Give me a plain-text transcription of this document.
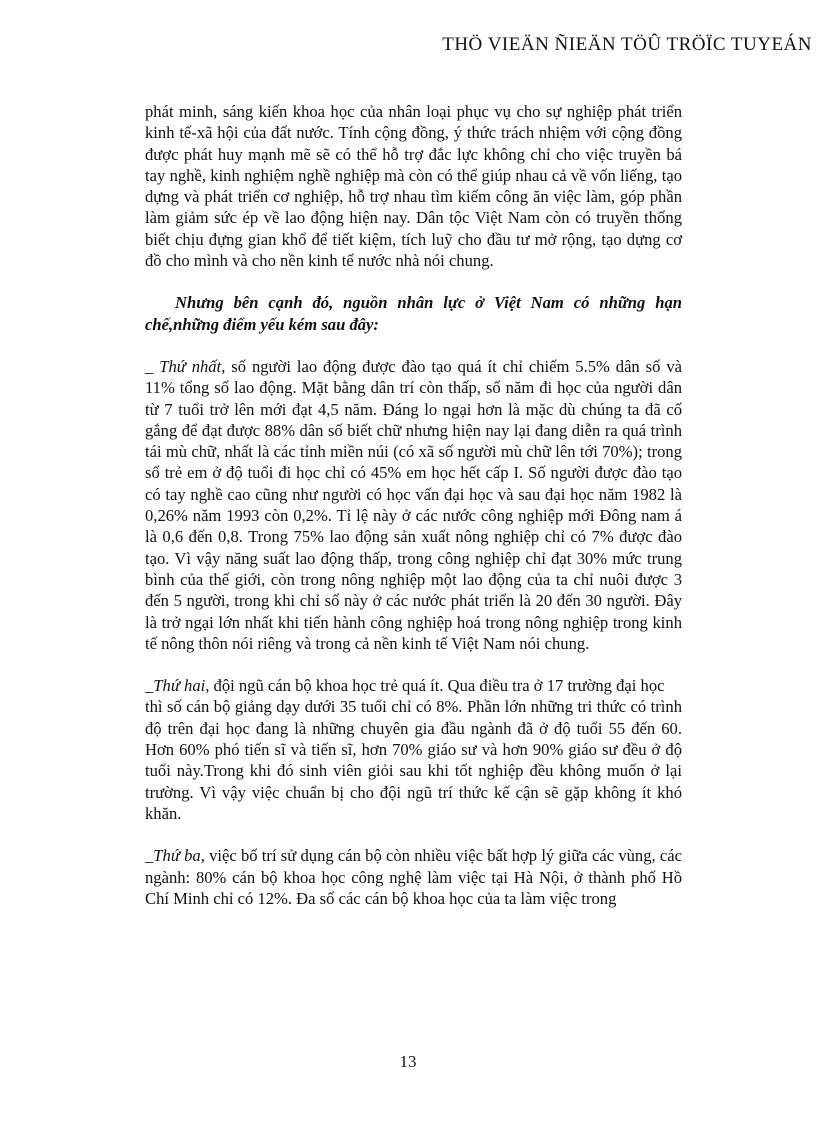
THÖ VIEÄN ÑIEÄN TÖÛ TRÖÏC TUYEÁN

phát minh, sáng kiến khoa học của nhân loại phục vụ cho sự nghiệp phát triển kinh tế-xã hội của đất nước. Tính cộng đồng, ý thức trách nhiệm với cộng đồng được phát huy mạnh mẽ sẽ có thể hỗ trợ đắc lực không chỉ cho việc truyền bá tay nghề, kinh nghiệm nghề nghiệp mà còn có thể giúp nhau cả về vốn liếng, tạo dựng và phát triển cơ nghiệp, hỗ trợ nhau tìm kiếm công ăn việc làm, góp phần làm giảm sức ép về lao động hiện nay. Dân tộc Việt Nam còn có truyền thống biết chịu đựng gian khổ để tiết kiệm, tích luỹ cho đầu tư mở rộng, tạo dựng cơ đồ cho mình và cho nền kinh tế nước nhà nói chung.

Nhưng bên cạnh đó, nguồn nhân lực ở Việt Nam có những hạn chế,những điểm yếu kém sau đây:

_ Thứ nhất, số người lao động được đào tạo quá ít chỉ chiếm 5.5% dân số và 11% tổng số lao động. Mặt bằng dân trí còn thấp, số năm đi học của người dân từ 7 tuổi trở lên mới đạt 4,5 năm. Đáng lo ngại hơn là mặc dù chúng ta đã cố gắng để đạt được 88% dân số biết chữ nhưng hiện nay lại đang diễn ra quá trình tái mù chữ, nhất là các tỉnh miền núi (có xã số người mù chữ lên tới 70%); trong số trẻ em ở độ tuổi đi học chỉ có 45% em học hết cấp I. Số người được đào tạo có tay nghề cao cũng như người có học vấn đại học và sau đại học năm 1982 là 0,26% năm 1993 còn 0,2%. Tỉ lệ này ở các nước công nghiệp mới Đông nam á là 0,6 đến 0,8. Trong 75% lao động sản xuất nông nghiệp chỉ có 7% được đào tạo. Vì vậy năng suất lao động thấp, trong công nghiệp chỉ đạt 30% mức trung bình của thế giới, còn trong nông nghiệp một lao động của ta chỉ nuôi được 3 đến 5 người, trong khi chỉ số này ở các nước phát triển là 20 đến 30 người. Đây là trở ngại lớn nhất khi tiến hành công nghiệp hoá trong nông nghiệp trong kinh tế nông thôn nói riêng và trong cả nền kinh tế Việt Nam nói chung.

_Thứ hai, đội ngũ cán bộ khoa học trẻ quá ít. Qua điều tra ở 17 trường đại học

thì số cán bộ giảng dạy dưới 35 tuổi chỉ có 8%. Phần lớn những tri thức có trình độ trên đại học đang là những chuyên gia đầu ngành đã ở độ tuổi 55 đến 60. Hơn 60% phó tiến sĩ và tiến sĩ, hơn 70% giáo sư và hơn 90% giáo sư đều ở độ tuổi này.Trong khi đó sinh viên giỏi sau khi tốt nghiệp đều không muốn ở lại trường. Vì vậy việc chuẩn bị cho đội ngũ trí thức kế cận sẽ gặp không ít khó khăn.

_Thứ ba, việc bố trí sử dụng cán bộ còn nhiều việc bất hợp lý giữa các vùng, các ngành: 80% cán bộ khoa học công nghệ làm việc tại Hà Nội, ở thành phố Hồ Chí Minh chỉ có 12%. Đa số các cán bộ khoa học của ta làm việc trong

13
